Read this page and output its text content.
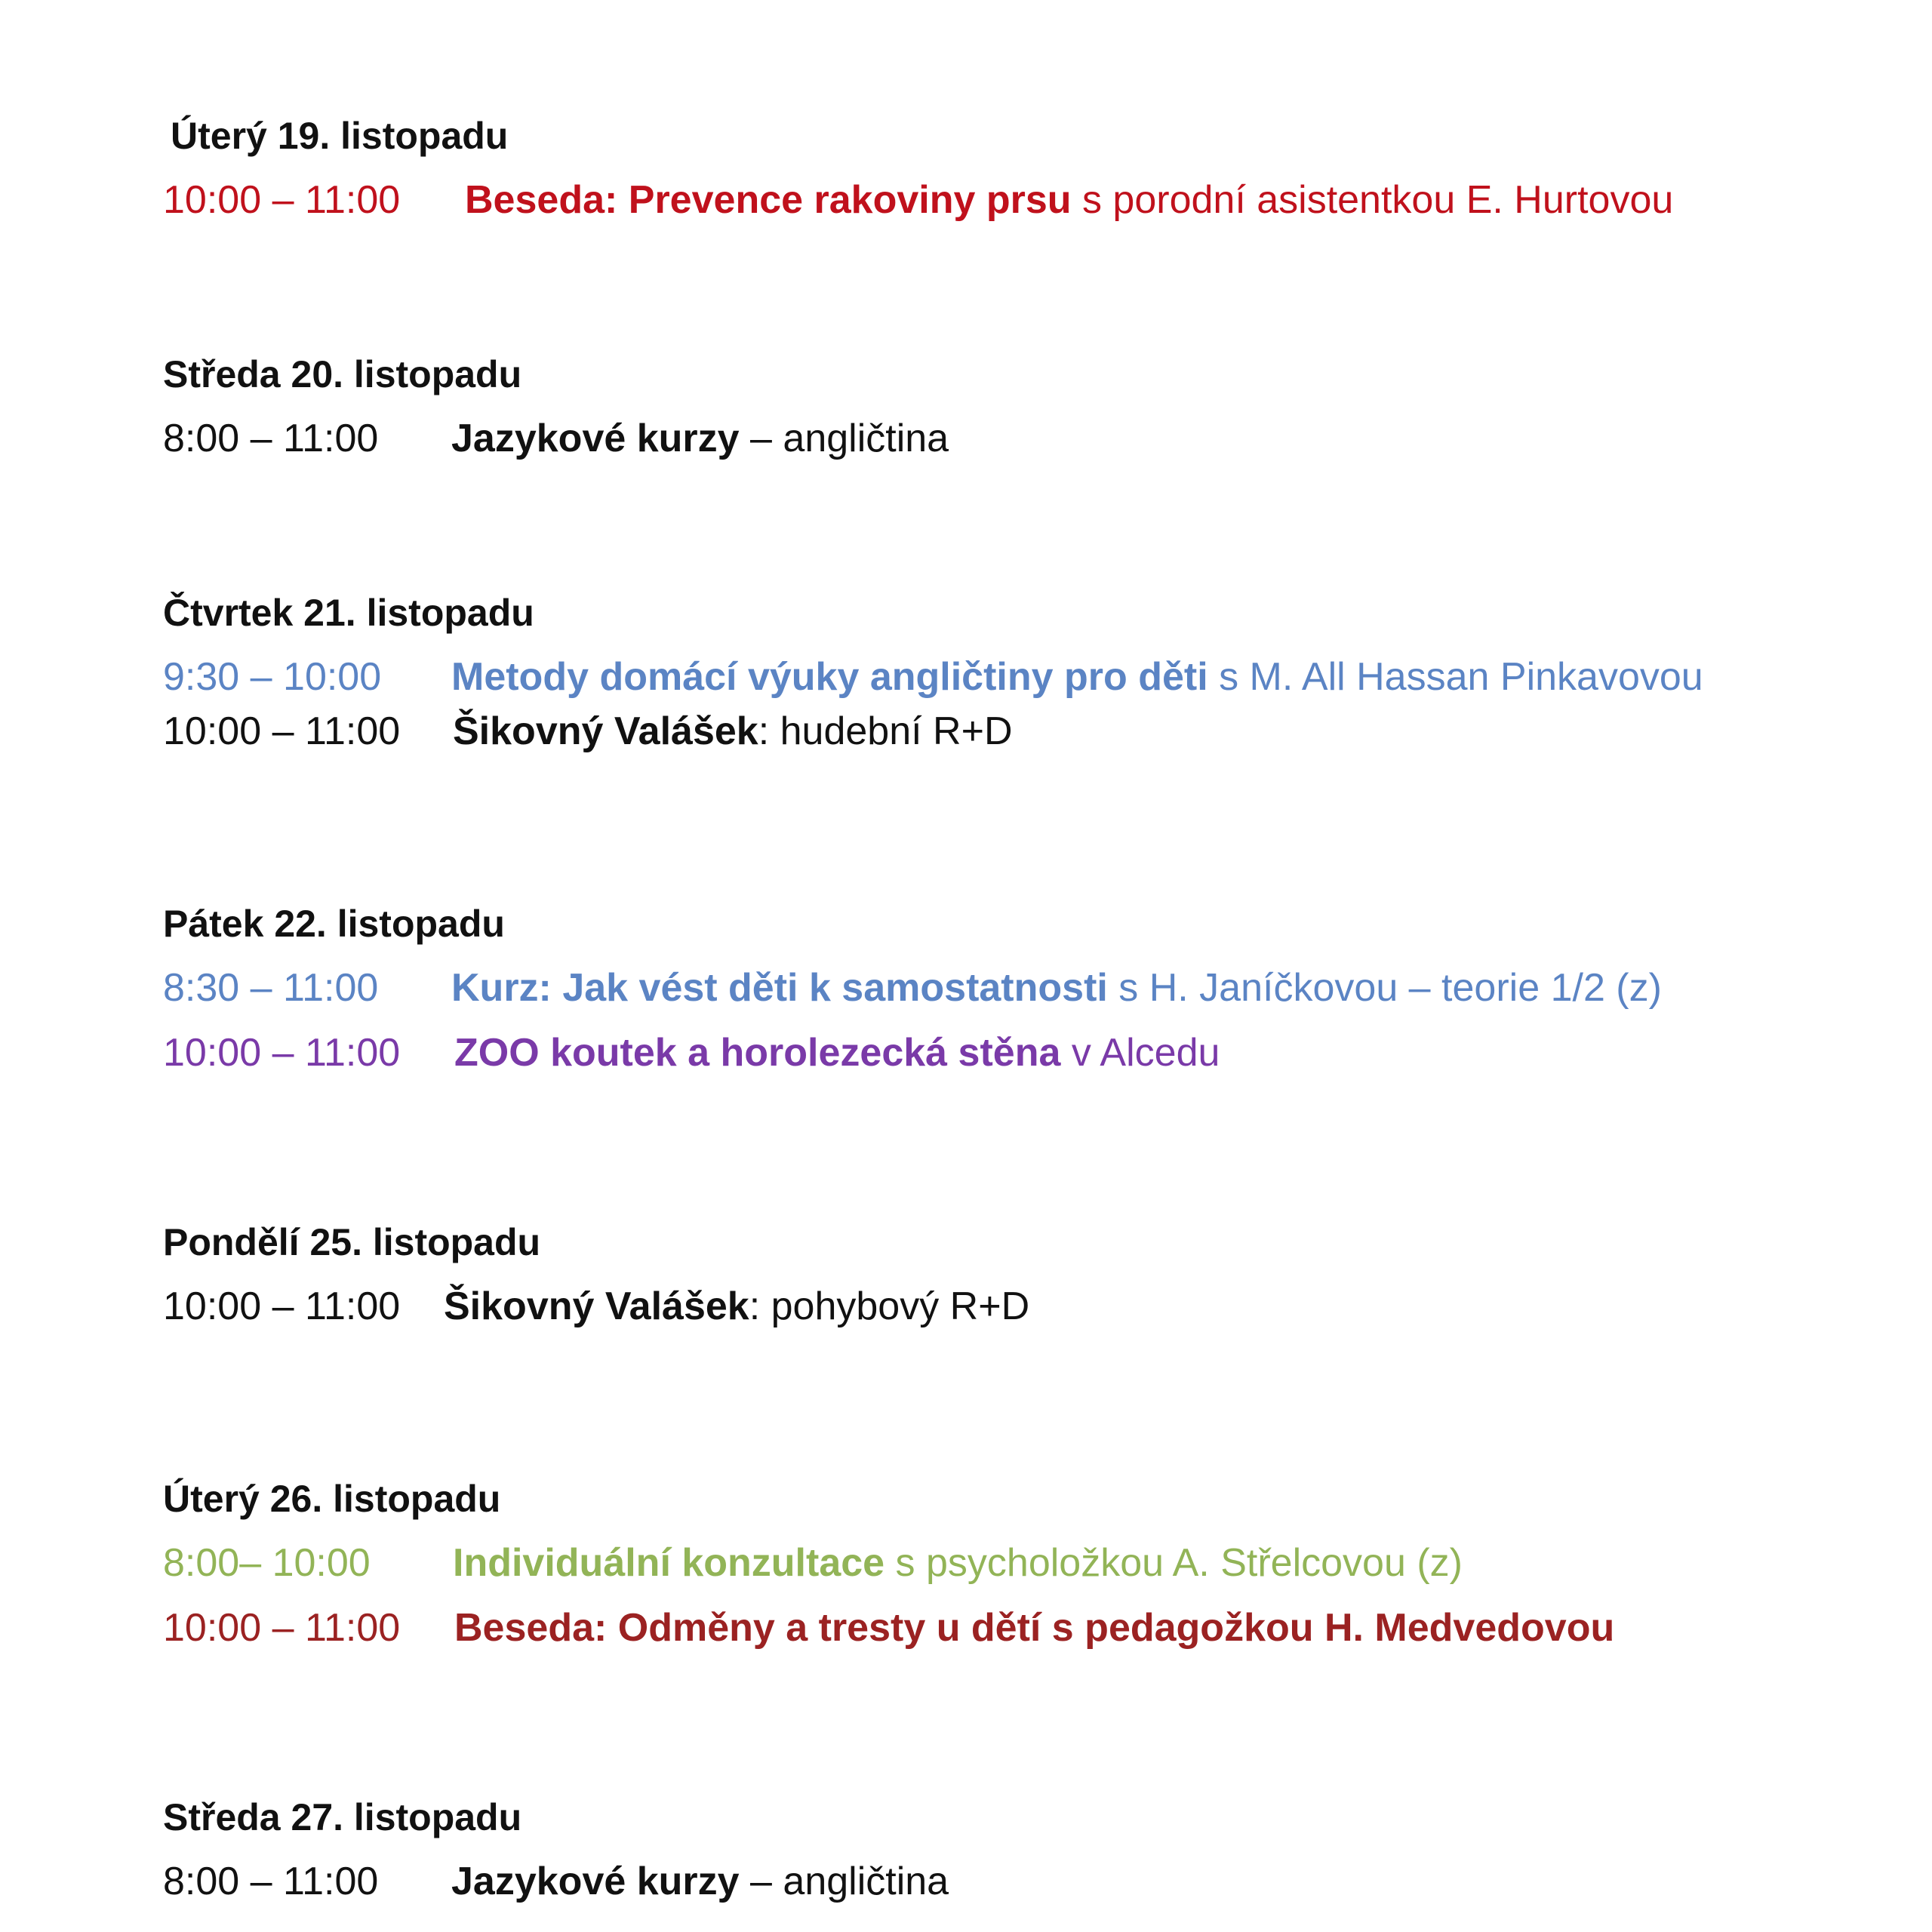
Úterý 19. listopadu
10:00 – 11:00 Beseda: Prevence rakoviny prsu s porodní asistentkou E. Hurtovou
Středa 20. listopadu
8:00 – 11:00 Jazykové kurzy – angličtina
Čtvrtek 21. listopadu
9:30 – 10:00 Metody domácí výuky angličtiny pro děti s M. All Hassan Pinkavovou
10:00 – 11:00 Šikovný Valášek: hudební R+D
Pátek 22. listopadu
8:30 – 11:00 Kurz: Jak vést děti k samostatnosti s H. Janíčkovou – teorie 1/2 (z)
10:00 – 11:00 ZOO koutek a horolezecká stěna v Alcedu
Pondělí 25. listopadu
10:00 – 11:00 Šikovný Valášek: pohybový R+D
Úterý 26. listopadu
8:00– 10:00 Individuální konzultace s psycholožkou A. Střelcovou (z)
10:00 – 11:00 Beseda: Odměny a tresty u dětí s pedagožkou H. Medvedovou
Středa 27. listopadu
8:00 – 11:00 Jazykové kurzy – angličtina
